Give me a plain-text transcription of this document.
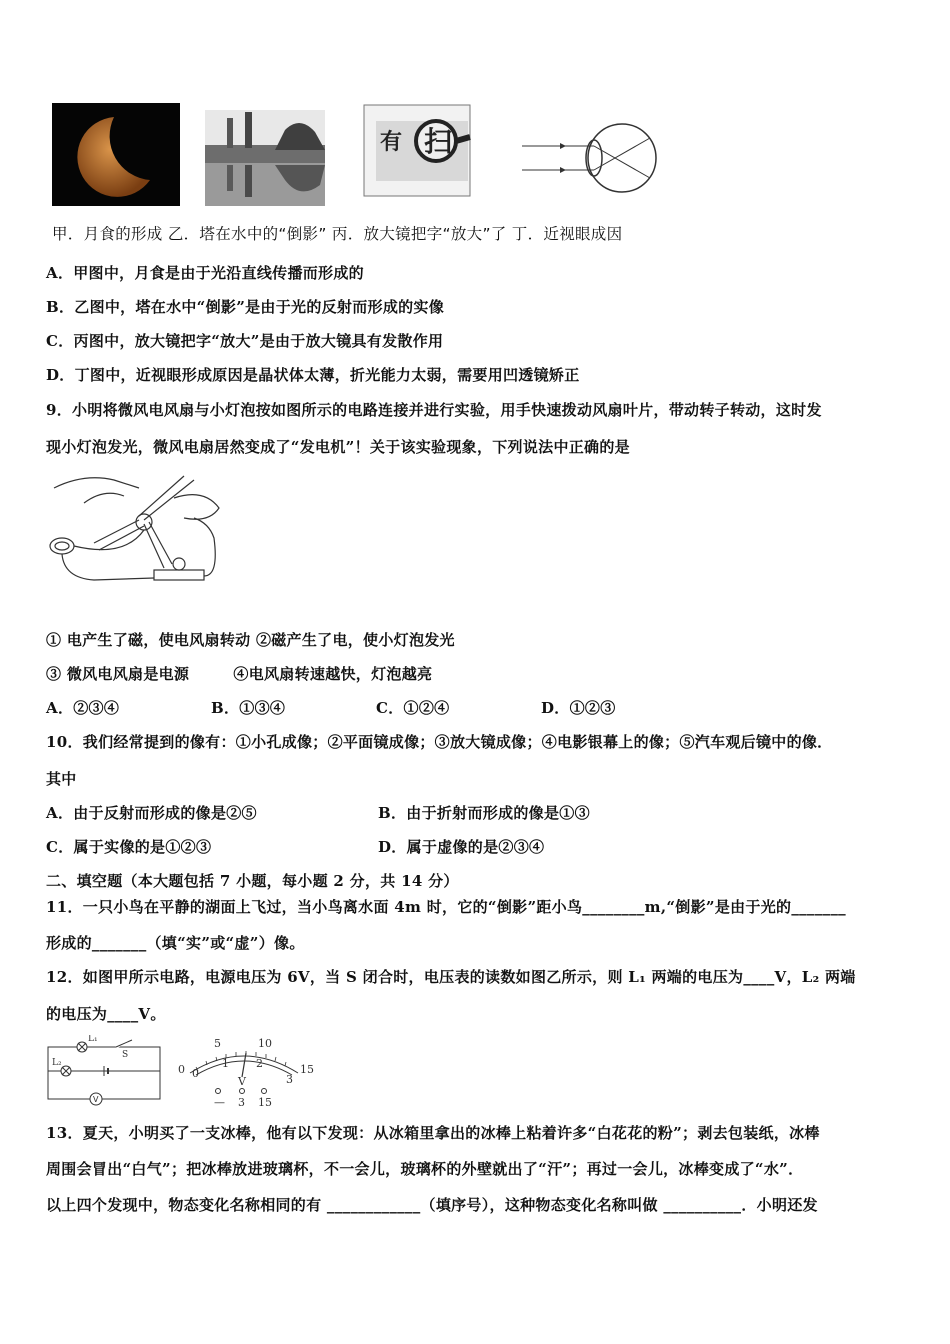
有 扫
甲．月食的形成 乙．塔在水中的“倒影” 丙．放大镜把字“放大”了 丁．近视眼成因
A．甲图中，月食是由于光沿直线传播而形成的
B．乙图中，塔在水中“倒影”是由于光的反射而形成的实像
C．丙图中，放大镜把字“放大”是由于放大镜具有发散作用
D．丁图中，近视眼形成原因是晶状体太薄，折光能力太弱，需要用凹透镜矫正
9．小明将微风电风扇与小灯泡按如图所示的电路连接并进行实验，用手快速拨动风扇叶片，带动转子转动，这时发
现小灯泡发光，微风电扇居然变成了“发电机”！关于该实验现象，下列说法中正确的是
① 电产生了磁，使电风扇转动 ②磁产生了电，使小灯泡发光
③ 微风电风扇是电源        ④电风扇转速越快，灯泡越亮
A．②③④	B．①③④	C．①②④	D．①②③
10．我们经常提到的像有：①小孔成像；②平面镜成像；③放大镜成像；④电影银幕上的像；⑤汽车观后镜中的像．
其中
A．由于反射而形成的像是②⑤	B．由于折射而形成的像是①③
C．属于实像的是①②③	D．属于虚像的是②③④
二、填空题（本大题包括 7 小题，每小题 2 分，共 14 分）
11．一只小鸟在平静的湖面上飞过，当小鸟离水面 4m 时，它的“倒影”距小鸟________m,“倒影”是由于光的_______
形成的_______（填“实”或“虚”）像。
12．如图甲所示电路，电源电压为 6V，当 S 闭合时，电压表的读数如图乙所示，则 L₁ 两端的电压为____V，L₂ 两端
的电压为____V。
V
L₁
L₂
S
5	10
0	15
0
1 2
3
V
— 3 15
13．夏天，小明买了一支冰棒，他有以下发现：从冰箱里拿出的冰棒上粘着许多“白花花的粉”；剥去包装纸，冰棒
周围会冒出“白气”；把冰棒放进玻璃杯，不一会儿，玻璃杯的外壁就出了“汗”；再过一会儿，冰棒变成了“水”．
以上四个发现中，物态变化名称相同的有 ____________（填序号），这种物态变化名称叫做 __________．小明还发
